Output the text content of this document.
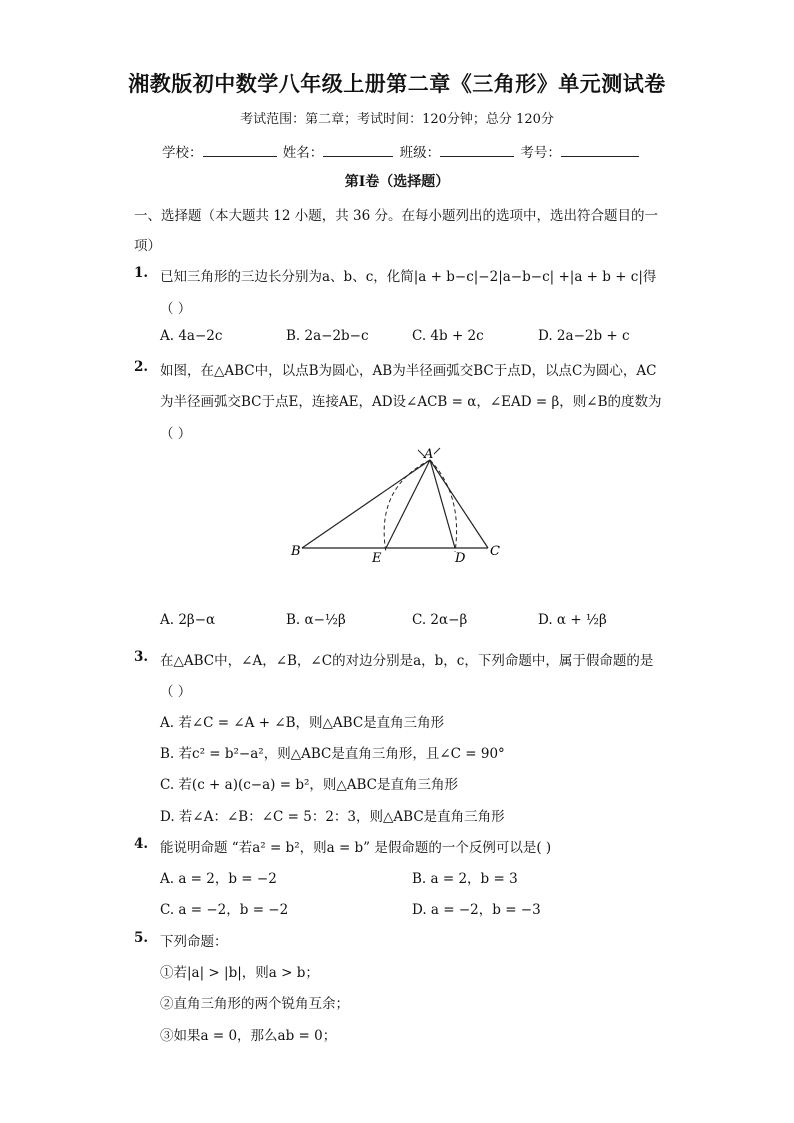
湘教版初中数学八年级上册第二章《三角形》单元测试卷
考试范围：第二章；考试时间：120分钟；总分 120分
学校：	姓名：	班级：	考号：
第I卷（选择题）
一、选择题（本大题共 12 小题，共 36 分。在每小题列出的选项中，选出符合题目的一
项）
1. 已知三角形的三边长分别为a、b、c，化简|a + b−c|−2|a−b−c| +|a + b + c|得
（ ）
A. 4a−2c	B. 2a−2b−c	C. 4b + 2c	D. 2a−2b + c
2. 如图，在△ABC中，以点B为圆心，AB为半径画弧交BC于点D，以点C为圆心，AC
为半径画弧交BC于点E，连接AE，AD设∠ACB = α，∠EAD = β，则∠B的度数为
（ ）
A
B	E	D C
A. 2β−α	B. α−½β	C. 2α−β	D. α + ½β
3. 在△ABC中，∠A，∠B，∠C的对边分别是a，b，c，下列命题中，属于假命题的是
（ ）
A. 若∠C = ∠A + ∠B，则△ABC是直角三角形
B. 若c² = b²−a²，则△ABC是直角三角形，且∠C = 90°
C. 若(c + a)(c−a) = b²，则△ABC是直角三角形
D. 若∠A：∠B：∠C = 5：2：3，则△ABC是直角三角形
4. 能说明命题 “若a² = b²，则a = b” 是假命题的一个反例可以是( )
A. a = 2，b = −2	B. a = 2，b = 3
C. a = −2，b = −2	D. a = −2，b = −3
5. 下列命题：
①若|a| > |b|，则a > b；
②直角三角形的两个锐角互余；
③如果a = 0，那么ab = 0；
